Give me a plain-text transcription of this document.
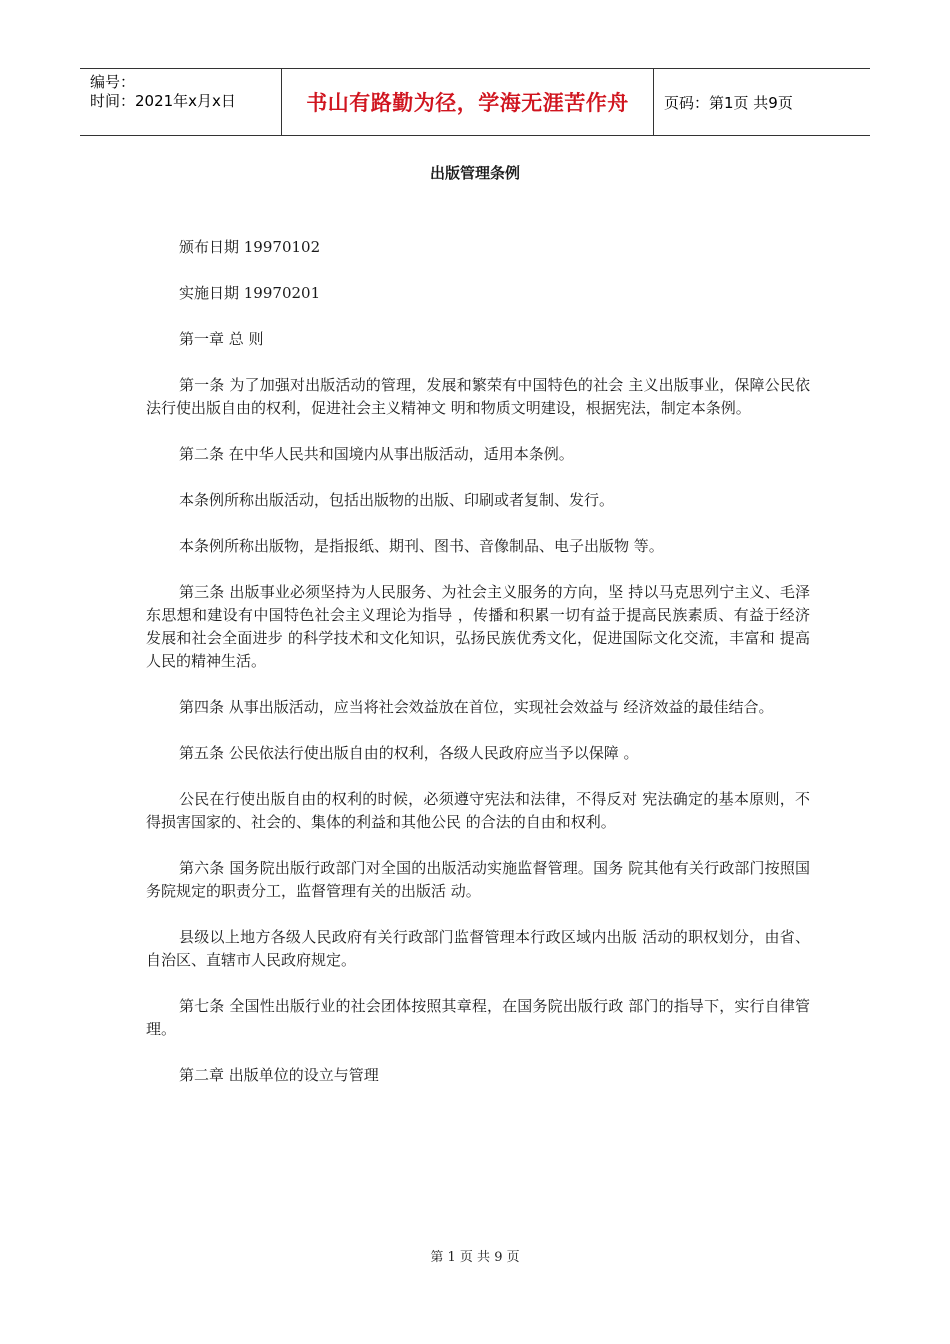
编号：
时间：2021年x月x日	书山有路勤为径，学海无涯苦作舟	页码：第1页 共9页
出版管理条例

颁布日期 19970102

实施日期 19970201

第一章 总 则

第一条 为了加强对出版活动的管理，发展和繁荣有中国特色的社会 主义出版事业，保障公民依法行使出版自由的权利，促进社会主义精神文 明和物质文明建设，根据宪法，制定本条例。

第二条 在中华人民共和国境内从事出版活动，适用本条例。

本条例所称出版活动，包括出版物的出版、印刷或者复制、发行。

本条例所称出版物，是指报纸、期刊、图书、音像制品、电子出版物 等。

第三条 出版事业必须坚持为人民服务、为社会主义服务的方向，坚 持以马克思列宁主义、毛泽东思想和建设有中国特色社会主义理论为指导 ，传播和积累一切有益于提高民族素质、有益于经济发展和社会全面进步 的科学技术和文化知识，弘扬民族优秀文化，促进国际文化交流，丰富和 提高人民的精神生活。

第四条 从事出版活动，应当将社会效益放在首位，实现社会效益与 经济效益的最佳结合。

第五条 公民依法行使出版自由的权利，各级人民政府应当予以保障 。

公民在行使出版自由的权利的时候，必须遵守宪法和法律，不得反对 宪法确定的基本原则，不得损害国家的、社会的、集体的利益和其他公民 的合法的自由和权利。

第六条 国务院出版行政部门对全国的出版活动实施监督管理。国务 院其他有关行政部门按照国务院规定的职责分工，监督管理有关的出版活 动。

县级以上地方各级人民政府有关行政部门监督管理本行政区域内出版 活动的职权划分，由省、自治区、直辖市人民政府规定。

第七条 全国性出版行业的社会团体按照其章程，在国务院出版行政 部门的指导下，实行自律管理。

第二章 出版单位的设立与管理

第 1 页 共 9 页
